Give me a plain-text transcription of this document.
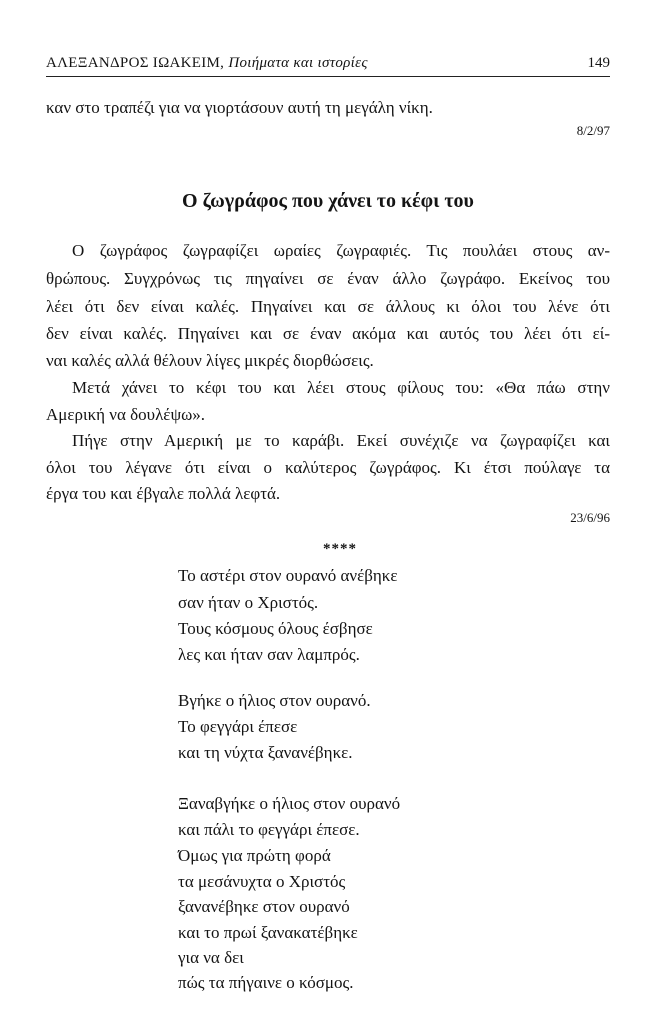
ΑΛΕΞΑΝΔΡΟΣ ΙΩΑΚΕΙΜ, Ποιήματα και ιστορίες	149
καν στο τραπέζι για να γιορτάσουν αυτή τη μεγάλη νίκη.
8/2/97
Ο ζωγράφος που χάνει το κέφι του
Ο ζωγράφος ζωγραφίζει ωραίες ζωγραφιές. Τις πουλάει στους αν-
θρώπους. Συγχρόνως τις πηγαίνει σε έναν άλλο ζωγράφο. Εκείνος του
λέει ότι δεν είναι καλές. Πηγαίνει και σε άλλους κι όλοι του λένε ότι
δεν είναι καλές. Πηγαίνει και σε έναν ακόμα και αυτός του λέει ότι εί-
ναι καλές αλλά θέλουν λίγες μικρές διορθώσεις.
Μετά χάνει το κέφι του και λέει στους φίλους του: «Θα πάω στην
Αμερική να δουλέψω».
Πήγε στην Αμερική με το καράβι. Εκεί συνέχιζε να ζωγραφίζει και
όλοι του λέγανε ότι είναι ο καλύτερος ζωγράφος. Κι έτσι πούλαγε τα
έργα του και έβγαλε πολλά λεφτά.
23/6/96
****
Το αστέρι στον ουρανό ανέβηκε
σαν ήταν ο Χριστός.
Τους κόσμους όλους έσβησε
λες και ήταν σαν λαμπρός.
Βγήκε ο ήλιος στον ουρανό.
Το φεγγάρι έπεσε
και τη νύχτα ξανανέβηκε.
Ξαναβγήκε ο ήλιος στον ουρανό
και πάλι το φεγγάρι έπεσε.
Όμως για πρώτη φορά
τα μεσάνυχτα ο Χριστός
ξανανέβηκε στον ουρανό
και το πρωί ξανακατέβηκε
για να δει
πώς τα πήγαινε ο κόσμος.
